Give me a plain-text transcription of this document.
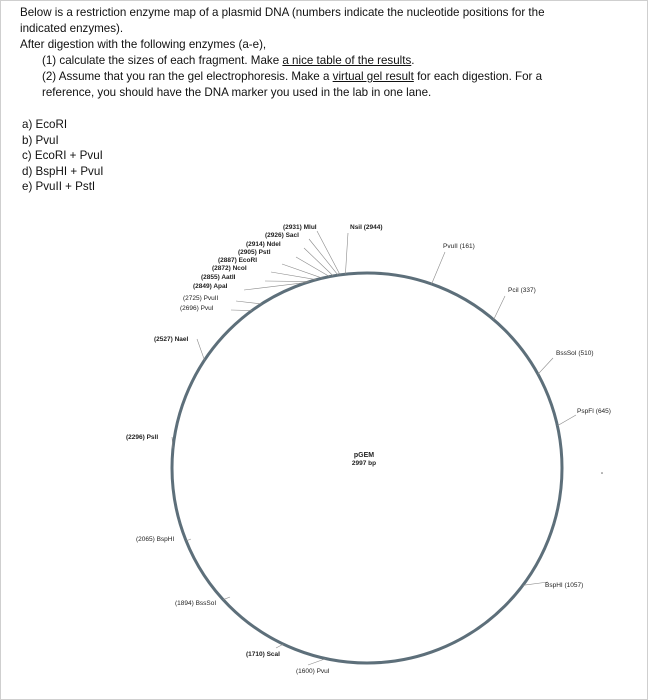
Below is a restriction enzyme map of a plasmid DNA (numbers indicate the nucleotide positions for the

indicated enzymes).

After digestion with the following enzymes (a-e),

(1) calculate the sizes of each fragment. Make a nice table of the results.

(2) Assume that you ran the gel electrophoresis. Make a virtual gel result for each digestion. For a

reference, you should have the DNA marker you used in the lab in one lane.

a) EcoRI
b) PvuI
c) EcoRI + PvuI
d) BspHI + PvuI
e) PvuII + PstI
pGEM
2997 bp
(2931) MluI
(2926) SacI
(2914) NdeI
(2905) PstI
(2887) EcoRI
(2872) NcoI
(2855) AatII
(2849) ApaI
(2725) PvuII
(2696) PvuI
NsiI (2944)
PvuII (161)
PciI (337)
BssSoI (510)
PspFI (645)
BspHI (1057)
(1600) PvuI
(1710) ScaI
(1894) BssSoI
(2065) BspHI
(2296) PslI
(2527) NaeI
